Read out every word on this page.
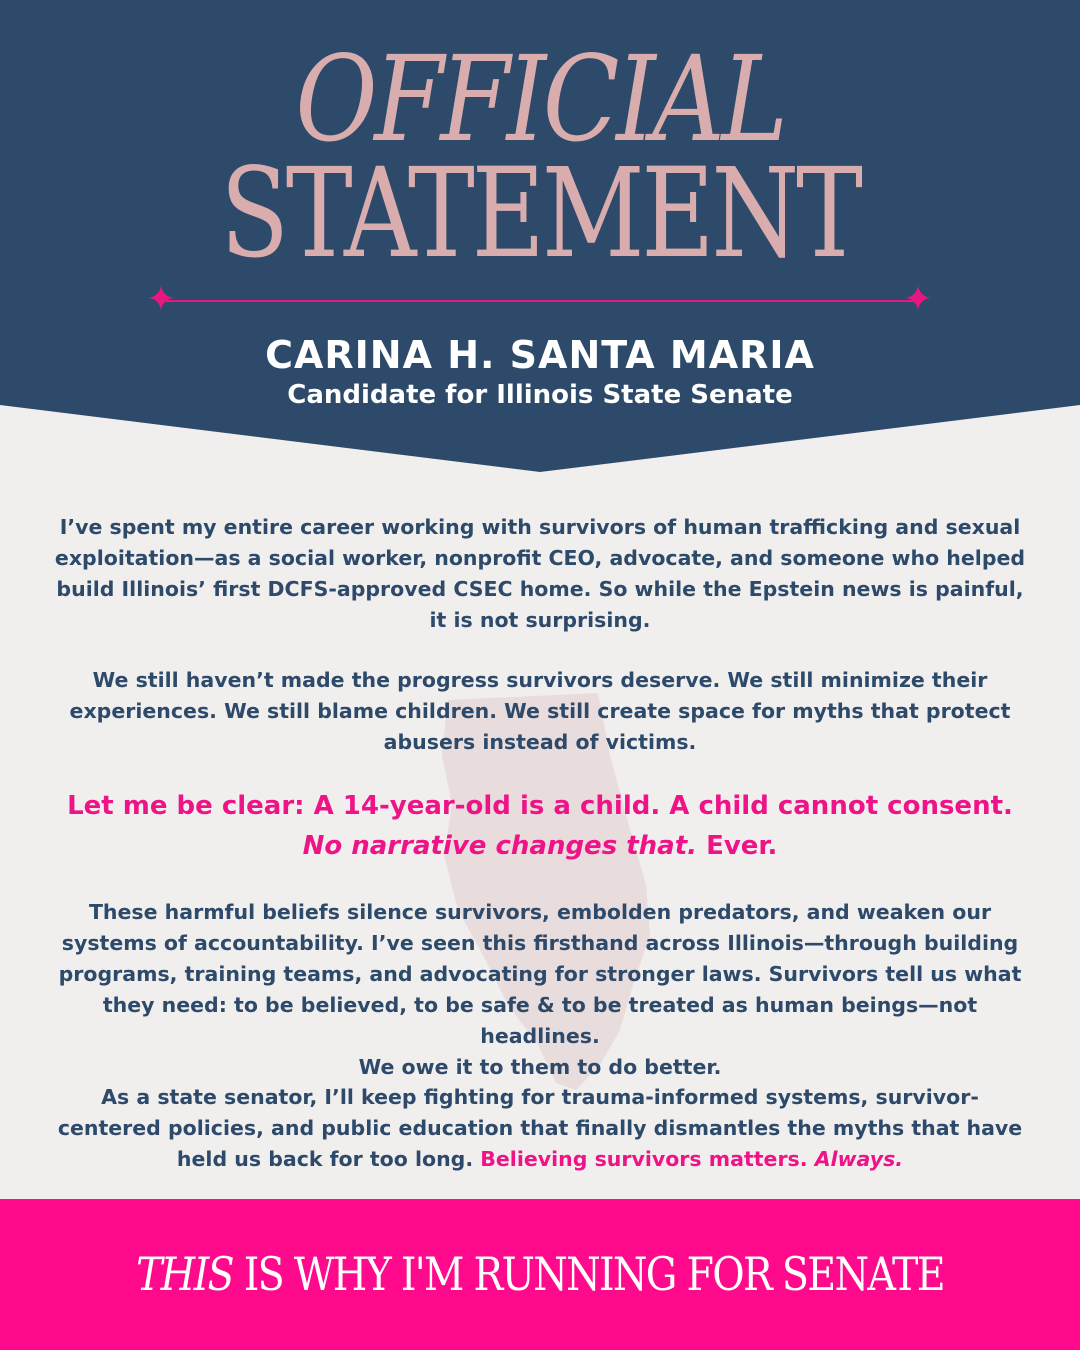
OFFICIAL
STATEMENT
✦	✦
CARINA H. SANTA MARIA
Candidate for Illinois State Senate
I’ve spent my entire career working with survivors of human trafficking and sexual exploitation—as a social worker, nonprofit CEO, advocate, and someone who helped build Illinois’ first DCFS-approved CSEC home. So while the Epstein news is painful, it is not surprising.
We still haven’t made the progress survivors deserve. We still minimize their experiences. We still blame children. We still create space for myths that protect abusers instead of victims.
Let me be clear: A 14-year-old is a child. A child cannot consent.
No narrative changes that. Ever.
These harmful beliefs silence survivors, embolden predators, and weaken our systems of accountability. I’ve seen this firsthand across Illinois—through building programs, training teams, and advocating for stronger laws. Survivors tell us what they need: to be believed, to be safe & to be treated as human beings—not headlines.
We owe it to them to do better.
As a state senator, I’ll keep fighting for trauma-informed systems, survivor-centered policies, and public education that finally dismantles the myths that have held us back for too long. Believing survivors matters. Always.
THIS IS WHY I'M RUNNING FOR SENATE
